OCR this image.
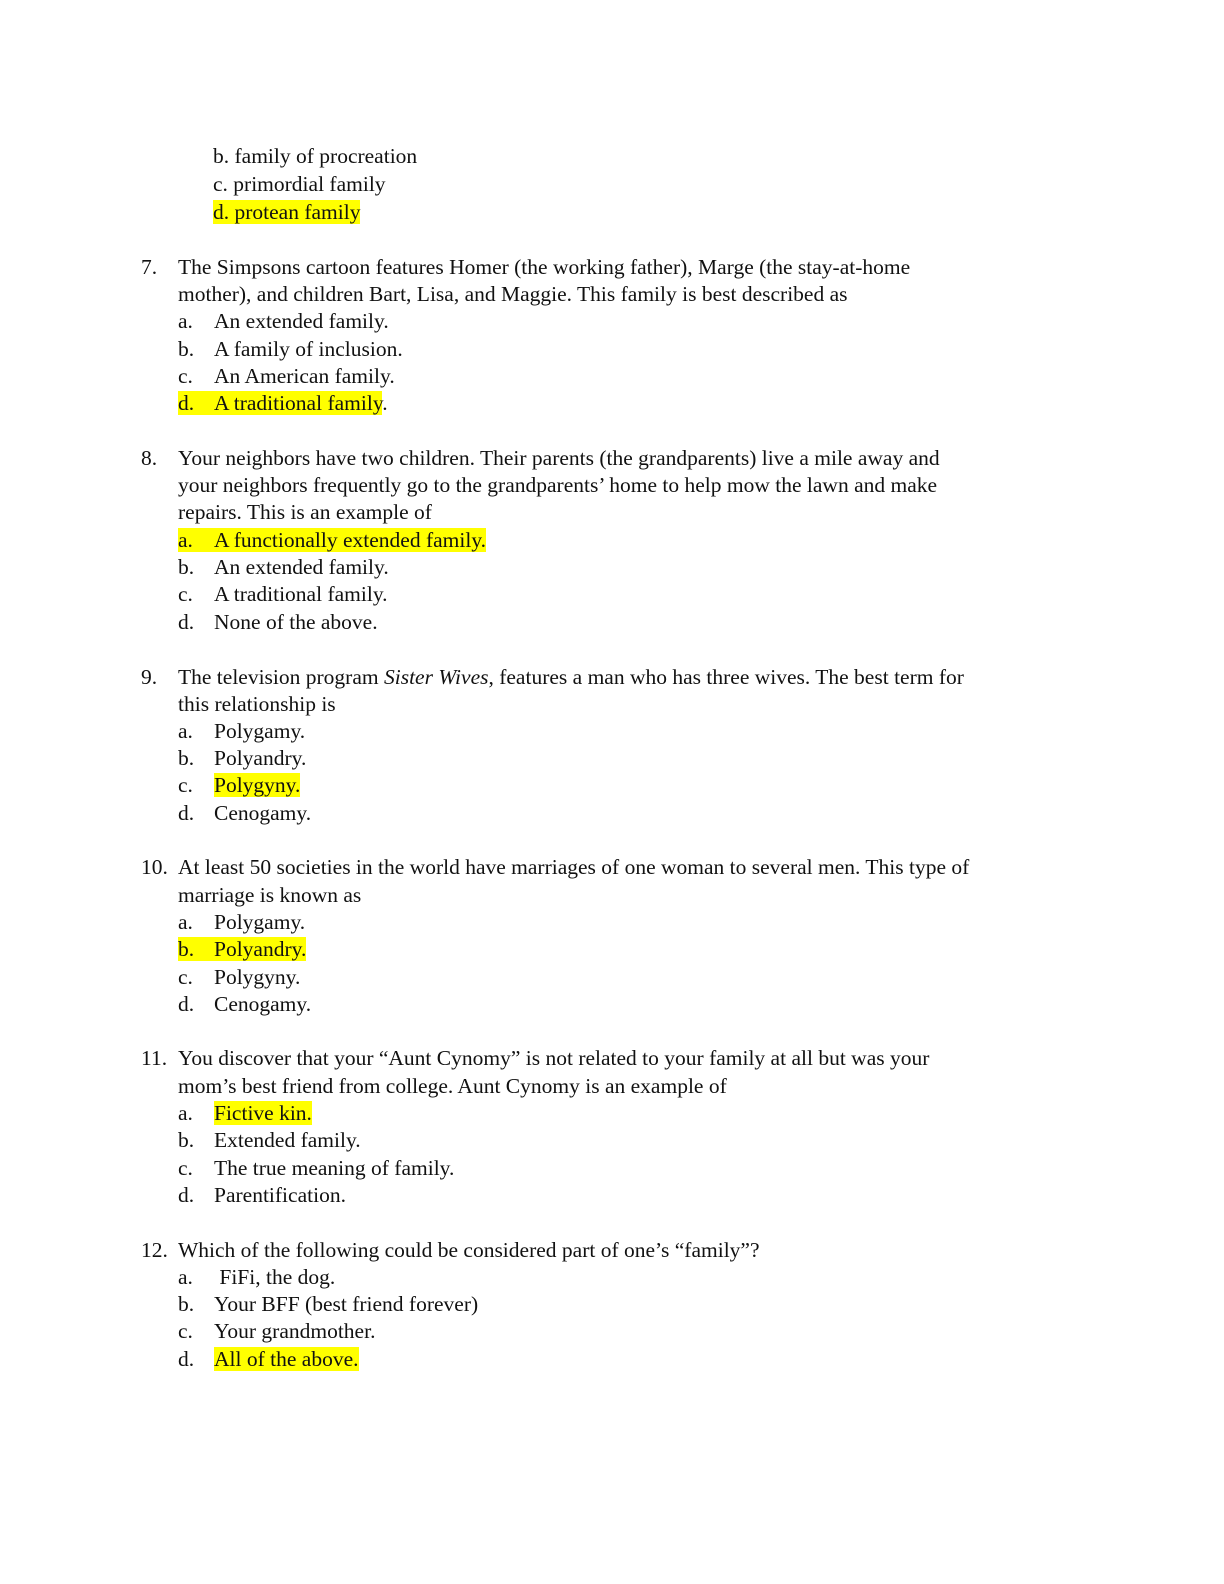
b. family of procreation
c. primordial family
d. protean family
7. The Simpsons cartoon features Homer (the working father), Marge (the stay-at-home
mother), and children Bart, Lisa, and Maggie. This family is best described as
a. An extended family.
b. A family of inclusion.
c. An American family.
d. A traditional family.
8. Your neighbors have two children. Their parents (the grandparents) live a mile away and
your neighbors frequently go to the grandparents’ home to help mow the lawn and make
repairs. This is an example of
a. A functionally extended family.
b. An extended family.
c. A traditional family.
d. None of the above.
9. The television program Sister Wives, features a man who has three wives. The best term for
this relationship is
a. Polygamy.
b. Polyandry.
c. Polygyny.
d. Cenogamy.
10. At least 50 societies in the world have marriages of one woman to several men. This type of
marriage is known as
a. Polygamy.
b. Polyandry.
c. Polygyny.
d. Cenogamy.
11. You discover that your “Aunt Cynomy” is not related to your family at all but was your
mom’s best friend from college. Aunt Cynomy is an example of
a. Fictive kin.
b. Extended family.
c. The true meaning of family.
d. Parentification.
12. Which of the following could be considered part of one’s “family”?
a. FiFi, the dog.
b. Your BFF (best friend forever)
c. Your grandmother.
d. All of the above.
